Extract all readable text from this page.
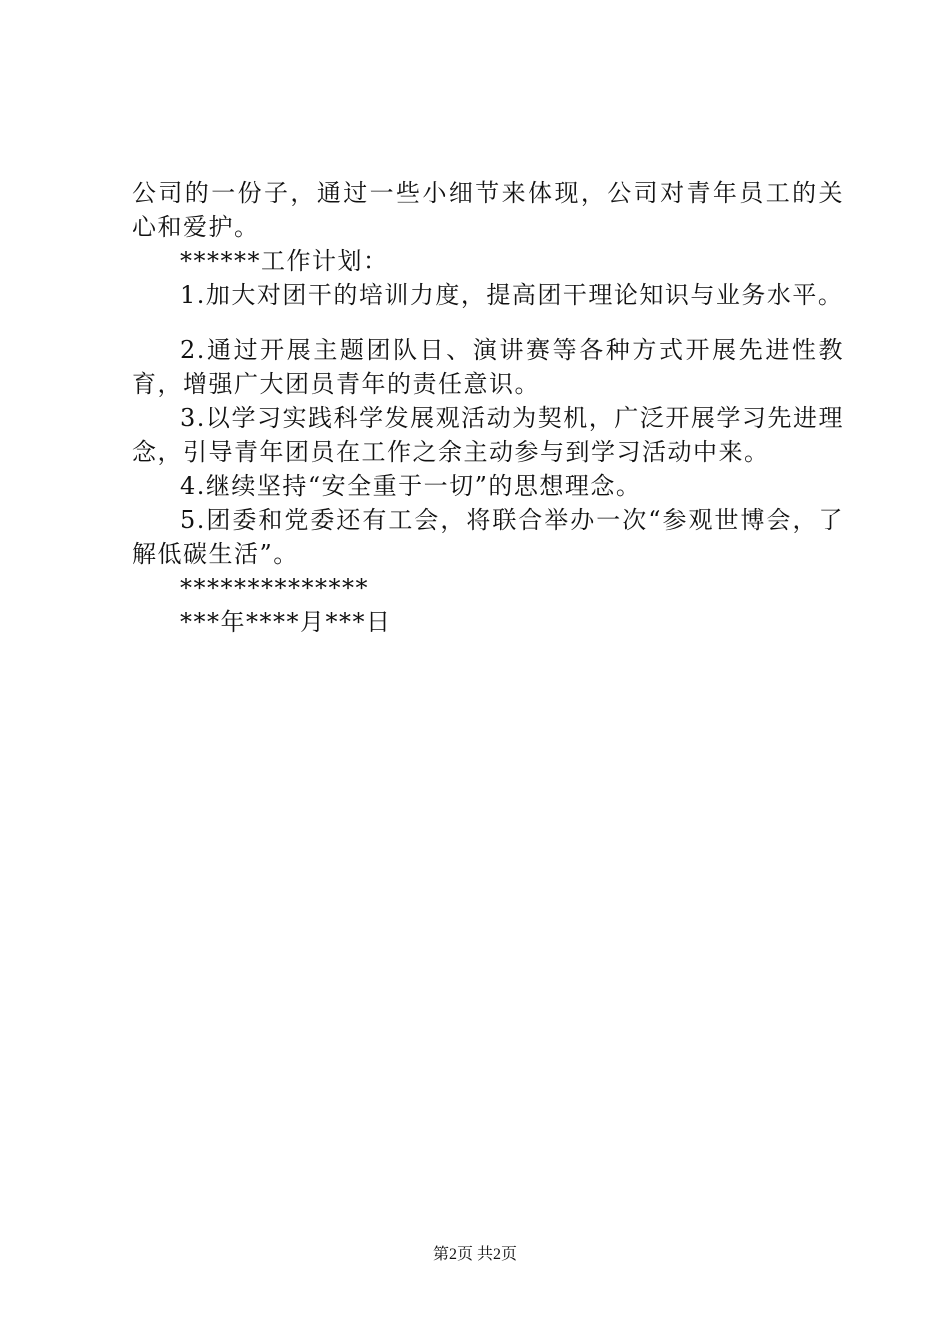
公司的一份子，通过一些小细节来体现，公司对青年员工的关心和爱护。

******工作计划：

1.加大对团干的培训力度，提高团干理论知识与业务水平。

2.通过开展主题团队日、演讲赛等各种方式开展先进性教育，增强广大团员青年的责任意识。

3.以学习实践科学发展观活动为契机，广泛开展学习先进理念，引导青年团员在工作之余主动参与到学习活动中来。

4.继续坚持“安全重于一切”的思想理念。

5.团委和党委还有工会，将联合举办一次“参观世博会，了解低碳生活”。

**************

***年****月***日

第2页 共2页
